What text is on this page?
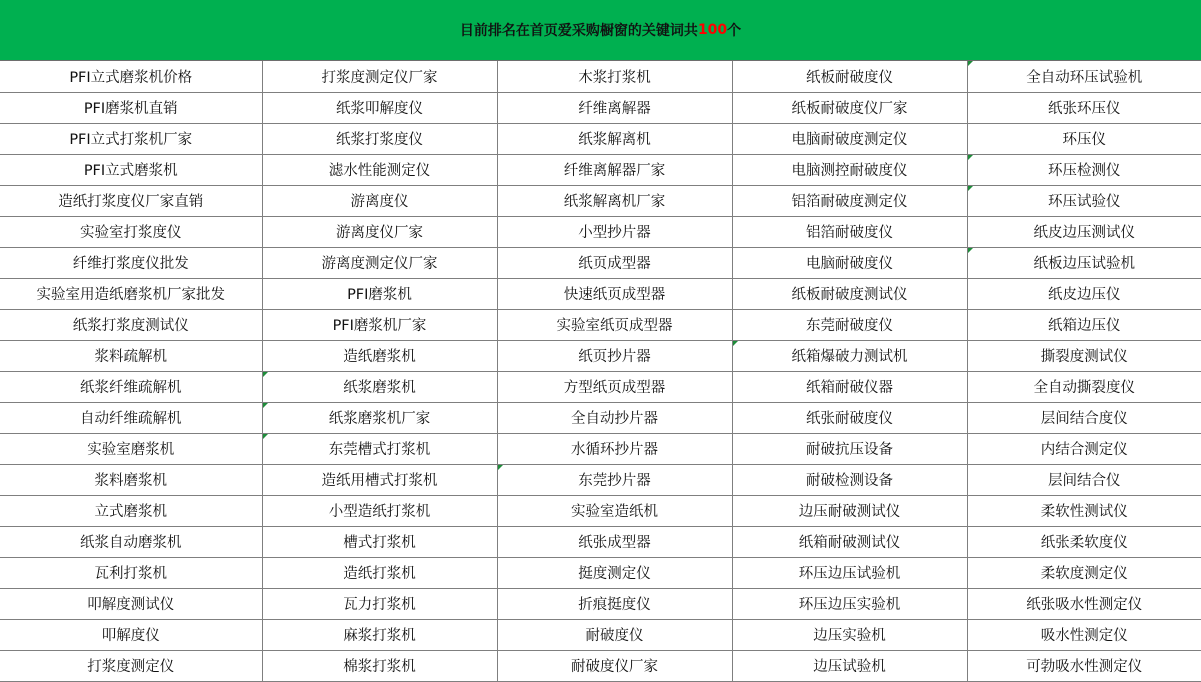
目前排名在首页爱采购橱窗的关键词共 100 个
PFI立式磨浆机价格	打浆度测定仪厂家	木浆打浆机	纸板耐破度仪	全自动环压试验机
PFI磨浆机直销	纸浆叩解度仪	纤维离解器	纸板耐破度仪厂家	纸张环压仪
PFI立式打浆机厂家	纸浆打浆度仪	纸浆解离机	电脑耐破度测定仪	环压仪
PFI立式磨浆机	滤水性能测定仪	纤维离解器厂家	电脑测控耐破度仪	环压检测仪
造纸打浆度仪厂家直销	游离度仪	纸浆解离机厂家	铝箔耐破度测定仪	环压试验仪
实验室打浆度仪	游离度仪厂家	小型抄片器	铝箔耐破度仪	纸皮边压测试仪
纤维打浆度仪批发	游离度测定仪厂家	纸页成型器	电脑耐破度仪	纸板边压试验机
实验室用造纸磨浆机厂家批发	PFI磨浆机	快速纸页成型器	纸板耐破度测试仪	纸皮边压仪
纸浆打浆度测试仪	PFI磨浆机厂家	实验室纸页成型器	东莞耐破度仪	纸箱边压仪
浆料疏解机	造纸磨浆机	纸页抄片器	纸箱爆破力测试机	撕裂度测试仪
纸浆纤维疏解机	纸浆磨浆机	方型纸页成型器	纸箱耐破仪器	全自动撕裂度仪
自动纤维疏解机	纸浆磨浆机厂家	全自动抄片器	纸张耐破度仪	层间结合度仪
实验室磨浆机	东莞槽式打浆机	水循环抄片器	耐破抗压设备	内结合测定仪
浆料磨浆机	造纸用槽式打浆机	东莞抄片器	耐破检测设备	层间结合仪
立式磨浆机	小型造纸打浆机	实验室造纸机	边压耐破测试仪	柔软性测试仪
纸浆自动磨浆机	槽式打浆机	纸张成型器	纸箱耐破测试仪	纸张柔软度仪
瓦利打浆机	造纸打浆机	挺度测定仪	环压边压试验机	柔软度测定仪
叩解度测试仪	瓦力打浆机	折痕挺度仪	环压边压实验机	纸张吸水性测定仪
叩解度仪	麻浆打浆机	耐破度仪	边压实验机	吸水性测定仪
打浆度测定仪	棉浆打浆机	耐破度仪厂家	边压试验机	可勃吸水性测定仪
